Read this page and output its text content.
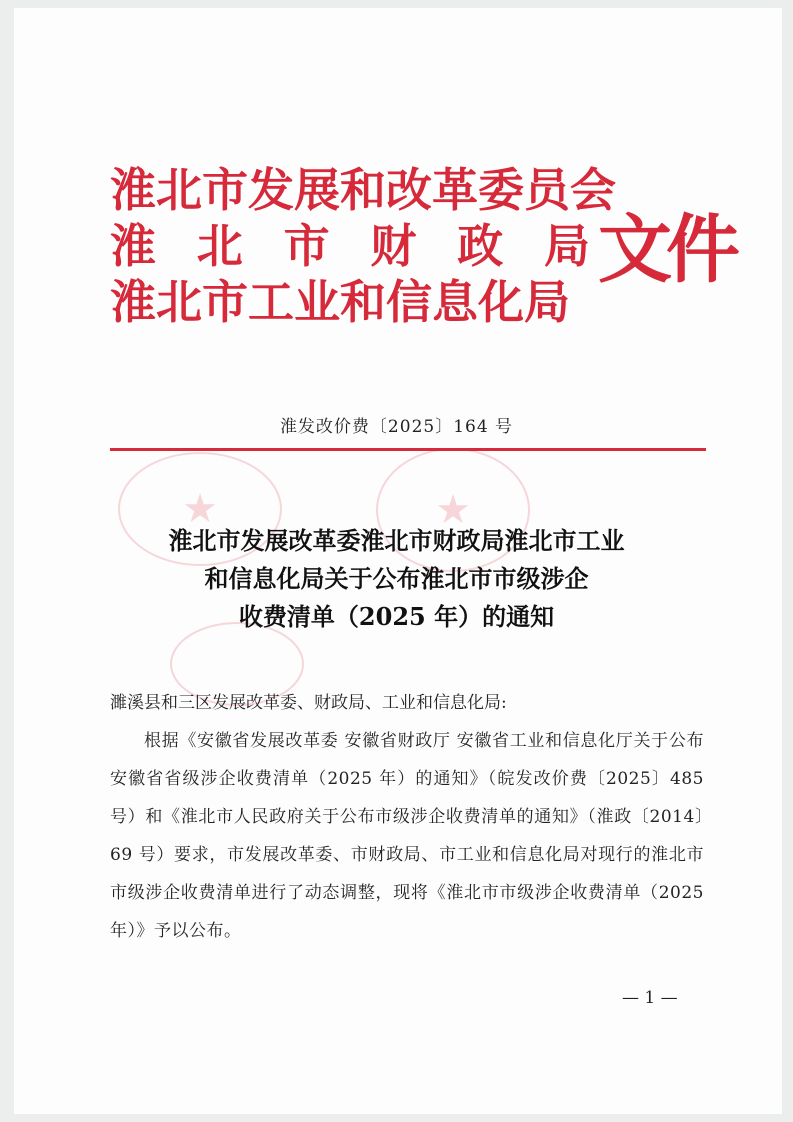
淮北市发展和改革委员会
淮 北 市 财 政 局
淮北市工业和信息化局
文件
淮发改价费〔2025〕164 号
淮北市发展改革委淮北市财政局淮北市工业
和信息化局关于公布淮北市市级涉企
收费清单（2025 年）的通知

濉溪县和三区发展改革委、财政局、工业和信息化局:

根据《安徽省发展改革委 安徽省财政厅 安徽省工业和信息化厅关于公布安徽省省级涉企收费清单（2025 年）的通知》（皖发改价费〔2025〕485 号）和《淮北市人民政府关于公布市级涉企收费清单的通知》（淮政〔2014〕69 号）要求，市发展改革委、市财政局、市工业和信息化局对现行的淮北市市级涉企收费清单进行了动态调整，现将《淮北市市级涉企收费清单（2025 年）》予以公布。

— 1 —
